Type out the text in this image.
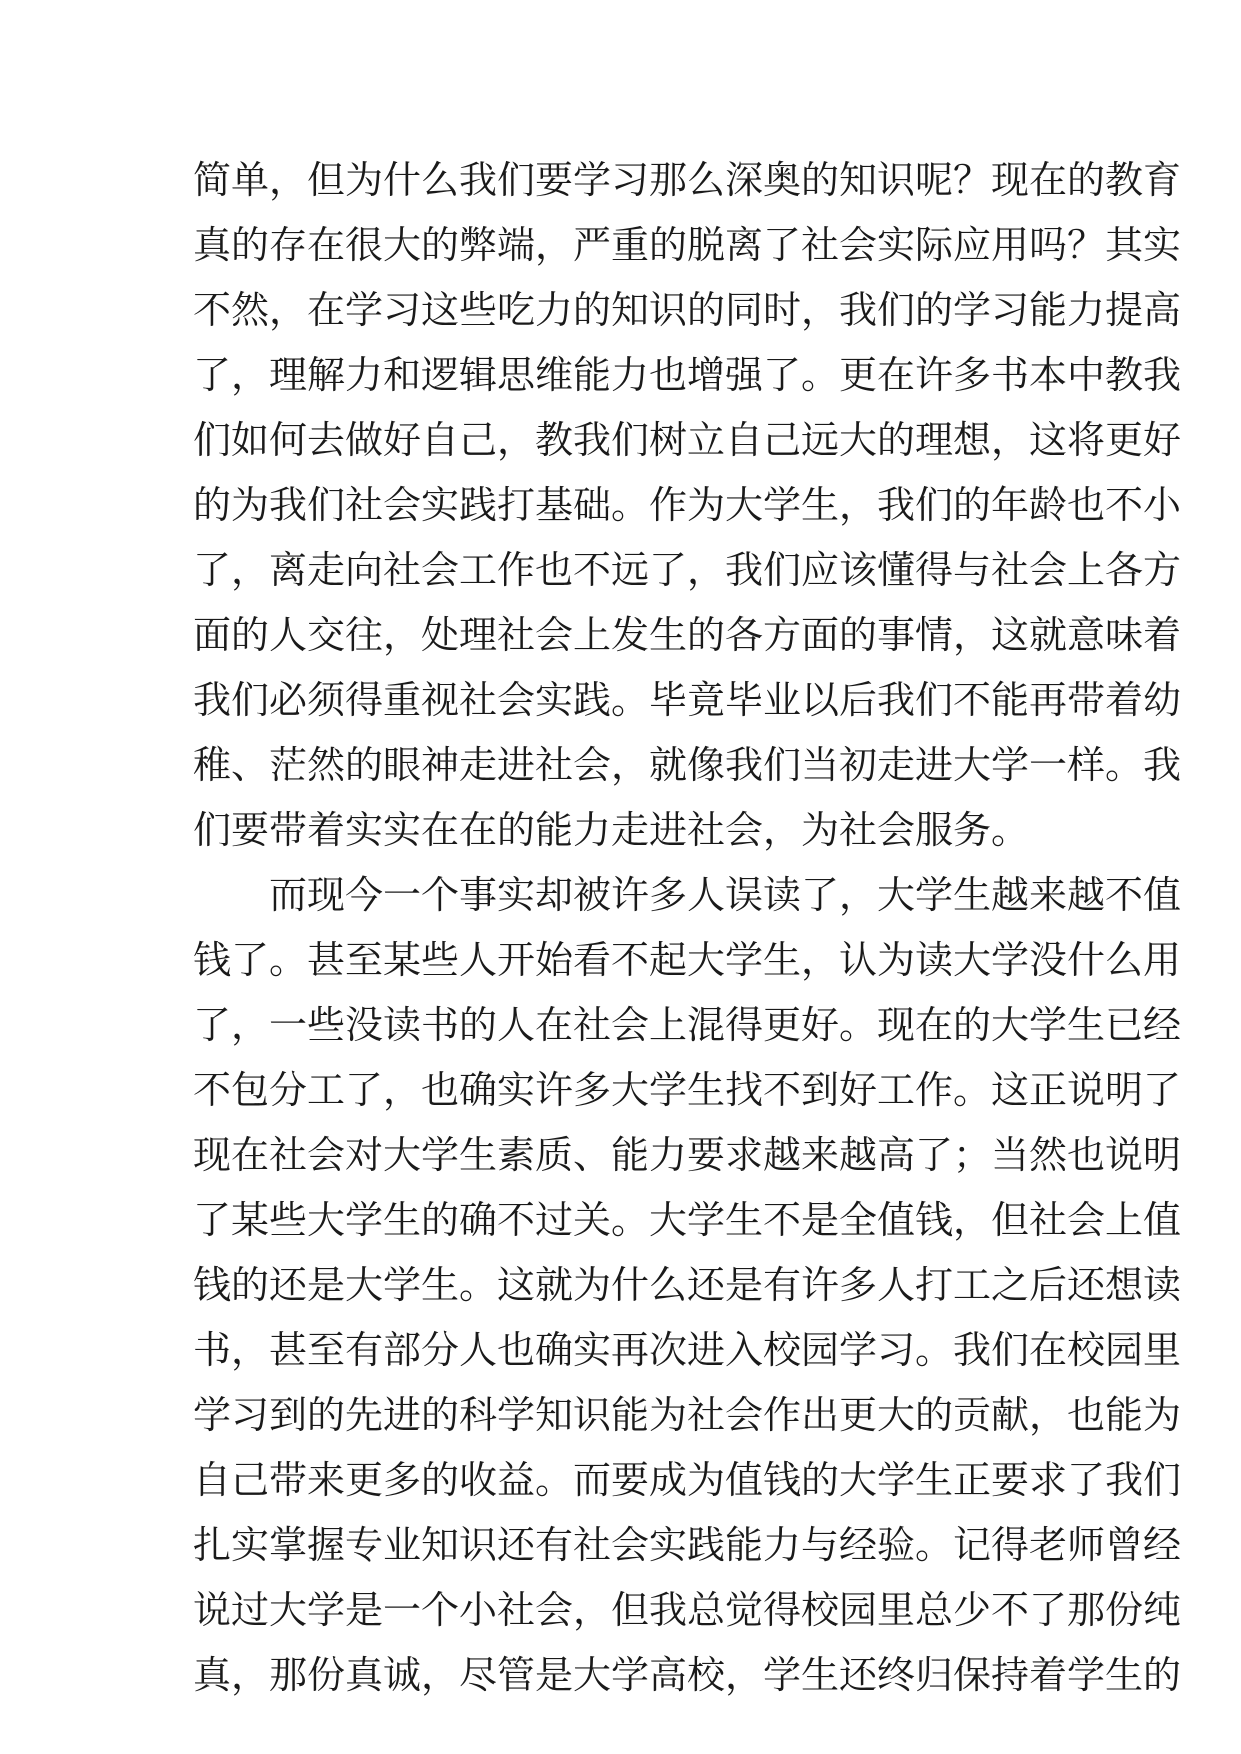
简单，但为什么我们要学习那么深奥的知识呢？现在的教育
真的存在很大的弊端，严重的脱离了社会实际应用吗？其实
不然，在学习这些吃力的知识的同时，我们的学习能力提高
了，理解力和逻辑思维能力也增强了。更在许多书本中教我
们如何去做好自己，教我们树立自己远大的理想，这将更好
的为我们社会实践打基础。作为大学生，我们的年龄也不小
了，离走向社会工作也不远了，我们应该懂得与社会上各方
面的人交往，处理社会上发生的各方面的事情，这就意味着
我们必须得重视社会实践。毕竟毕业以后我们不能再带着幼
稚、茫然的眼神走进社会，就像我们当初走进大学一样。我
们要带着实实在在的能力走进社会，为社会服务。
而现今一个事实却被许多人误读了，大学生越来越不值
钱了。甚至某些人开始看不起大学生，认为读大学没什么用
了，一些没读书的人在社会上混得更好。现在的大学生已经
不包分工了，也确实许多大学生找不到好工作。这正说明了
现在社会对大学生素质、能力要求越来越高了；当然也说明
了某些大学生的确不过关。大学生不是全值钱，但社会上值
钱的还是大学生。这就为什么还是有许多人打工之后还想读
书，甚至有部分人也确实再次进入校园学习。我们在校园里
学习到的先进的科学知识能为社会作出更大的贡献，也能为
自己带来更多的收益。而要成为值钱的大学生正要求了我们
扎实掌握专业知识还有社会实践能力与经验。记得老师曾经
说过大学是一个小社会，但我总觉得校园里总少不了那份纯
真，那份真诚，尽管是大学高校，学生还终归保持着学生的
